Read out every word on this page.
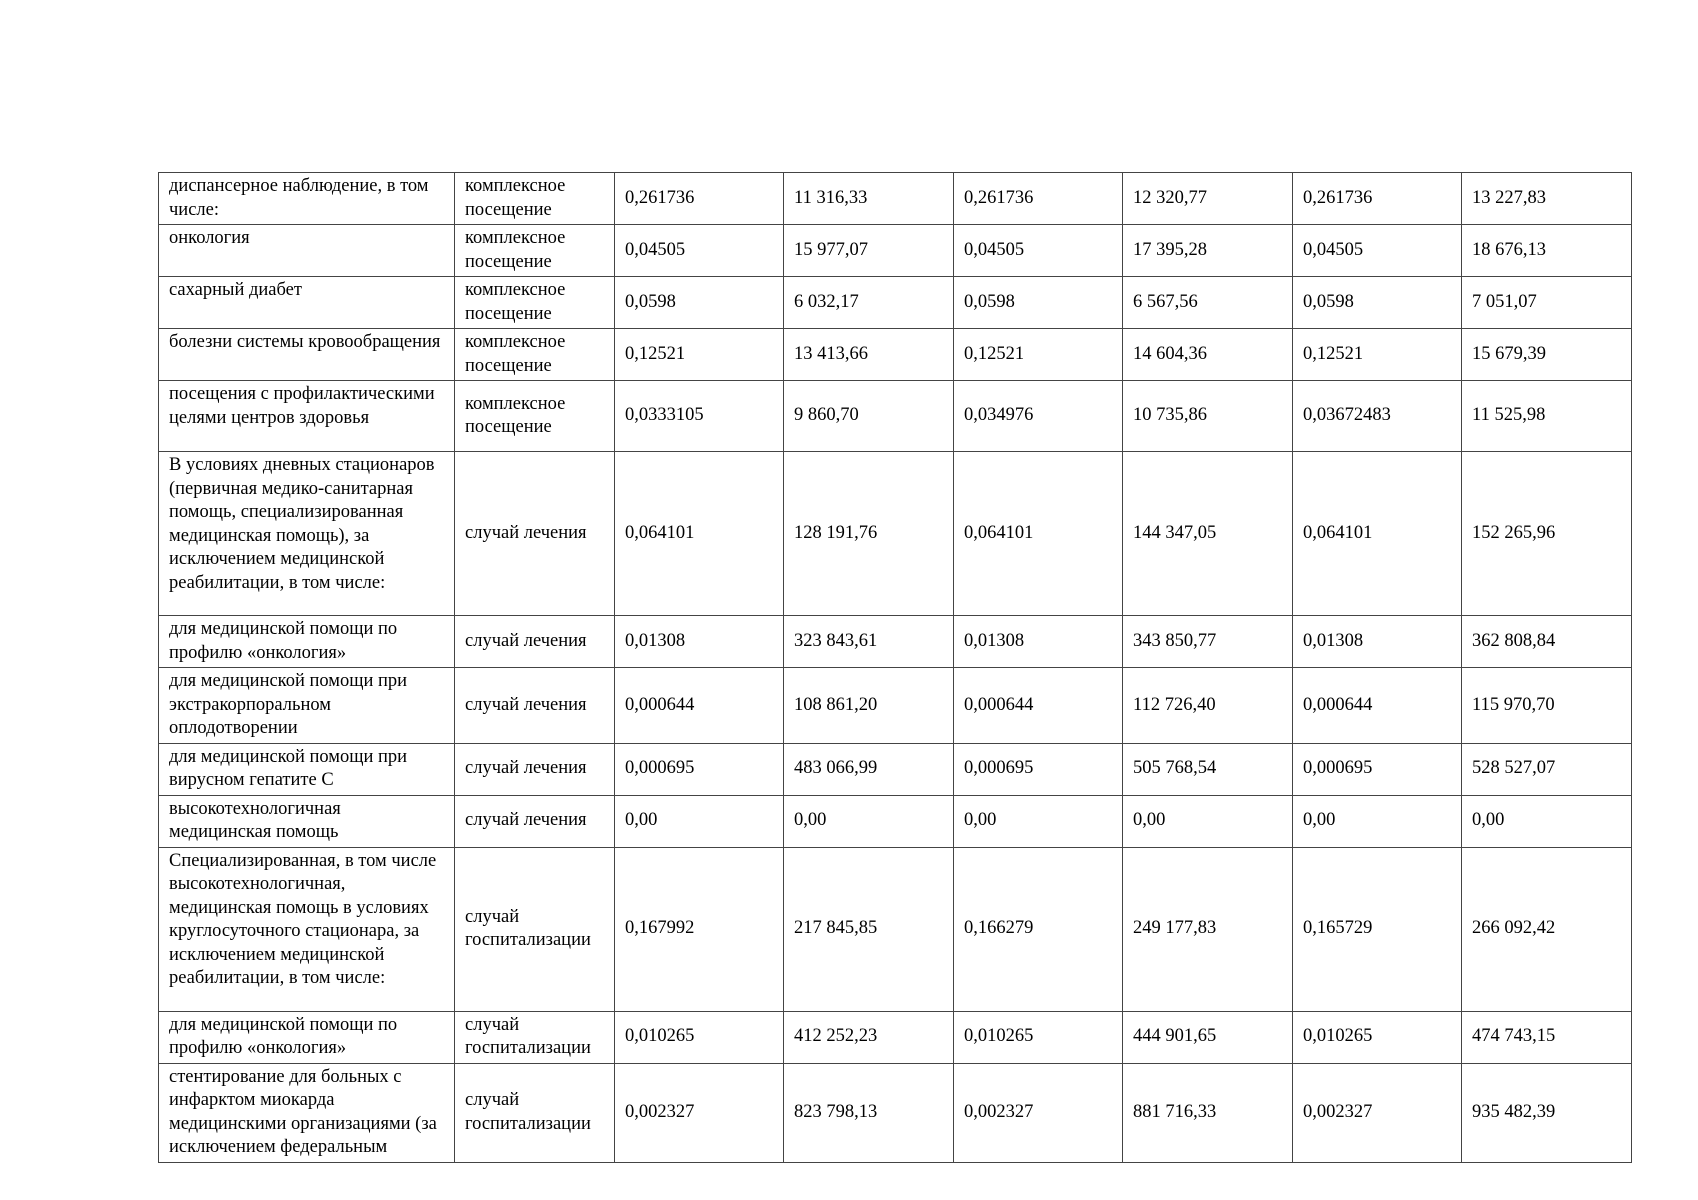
диспансерное наблюдение, в том числе:	комплексное посещение	0,261736	11 316,33	0,261736	12 320,77	0,261736	13 227,83
онкология	комплексное посещение	0,04505	15 977,07	0,04505	17 395,28	0,04505	18 676,13
сахарный диабет	комплексное посещение	0,0598	6 032,17	0,0598	6 567,56	0,0598	7 051,07
болезни системы кровообращения	комплексное посещение	0,12521	13 413,66	0,12521	14 604,36	0,12521	15 679,39
посещения с профилактическими целями центров здоровья	комплексное посещение	0,0333105	9 860,70	0,034976	10 735,86	0,03672483	11 525,98
В условиях дневных стационаров (первичная медико-санитарная помощь, специализированная медицинская помощь), за исключением медицинской реабилитации, в том числе:	случай лечения	0,064101	128 191,76	0,064101	144 347,05	0,064101	152 265,96
для медицинской помощи по профилю «онкология»	случай лечения	0,01308	323 843,61	0,01308	343 850,77	0,01308	362 808,84
для медицинской помощи при экстракорпоральном оплодотворении	случай лечения	0,000644	108 861,20	0,000644	112 726,40	0,000644	115 970,70
для медицинской помощи при вирусном гепатите С	случай лечения	0,000695	483 066,99	0,000695	505 768,54	0,000695	528 527,07
высокотехнологичная медицинская помощь	случай лечения	0,00	0,00	0,00	0,00	0,00	0,00
Специализированная, в том числе высокотехнологичная, медицинская помощь в условиях круглосуточного стационара, за исключением медицинской реабилитации, в том числе:	случай госпитализации	0,167992	217 845,85	0,166279	249 177,83	0,165729	266 092,42
для медицинской помощи по профилю «онкология»	случай госпитализации	0,010265	412 252,23	0,010265	444 901,65	0,010265	474 743,15
стентирование для больных с инфарктом миокарда медицинскими организациями (за исключением федеральным	случай госпитализации	0,002327	823 798,13	0,002327	881 716,33	0,002327	935 482,39
